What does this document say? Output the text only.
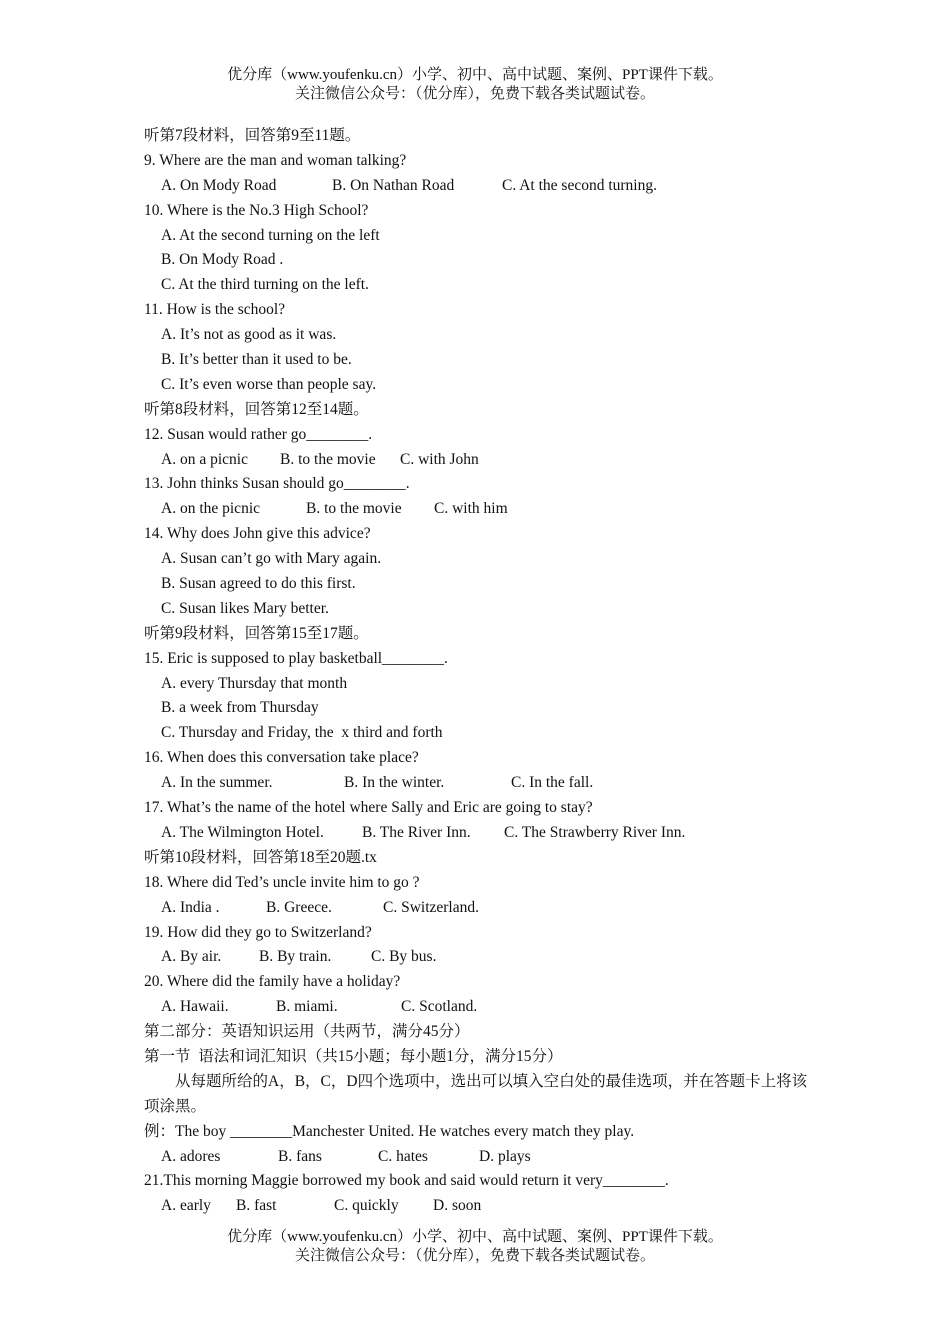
优分库（www.youfenku.cn）小学、初中、高中试题、案例、PPT课件下载。
关注微信公众号：（优分库），免费下载各类试题试卷。
听第7段材料，回答第9至11题。
9. Where are the man and woman talking?
A. On Mody Road	B. On Nathan Road	C. At the second turning.
10. Where is the No.3 High School?
A. At the second turning on the left
B. On Mody Road .
C. At the third turning on the left.
11. How is the school?
A. It’s not as good as it was.
B. It’s better than it used to be.
C. It’s even worse than people say.
听第8段材料，回答第12至14题。
12. Susan would rather go________.
A. on a picnic B. to the movie C. with John
13. John thinks Susan should go________.
A. on the picnic	B. to the movie C. with him
14. Why does John give this advice?
A. Susan can’t go with Mary again.
B. Susan agreed to do this first.
C. Susan likes Mary better.
听第9段材料，回答第15至17题。
15. Eric is supposed to play basketball________.
A. every Thursday that month
B. a week from Thursday
C. Thursday and Friday, the  x third and forth
16. When does this conversation take place?
A. In the summer.	B. In the winter.	C. In the fall.
17. What’s the name of the hotel where Sally and Eric are going to stay?
A. The Wilmington Hotel. B. The River Inn. C. The Strawberry River Inn.
听第10段材料，回答第18至20题.tx
18. Where did Ted’s uncle invite him to go ?
A. India .	B. Greece.	C. Switzerland.
19. How did they go to Switzerland?
A. By air. B. By train.	C. By bus.
20. Where did the family have a holiday?
A. Hawaii.	B. miami.	C. Scotland.
第二部分：英语知识运用（共两节，满分45分）
第一节  语法和词汇知识（共15小题；每小题1分，满分15分）
从每题所给的A，B，C，D四个选项中，选出可以填入空白处的最佳选项，并在答题卡上将该项涂黑。
例：The boy ________Manchester United. He watches every match they play.
A. adores	B. fans	C. hates	D. plays
21.This morning Maggie borrowed my book and said would return it very________.
A. early B. fast	C. quickly D. soon
优分库（www.youfenku.cn）小学、初中、高中试题、案例、PPT课件下载。
关注微信公众号：（优分库），免费下载各类试题试卷。
